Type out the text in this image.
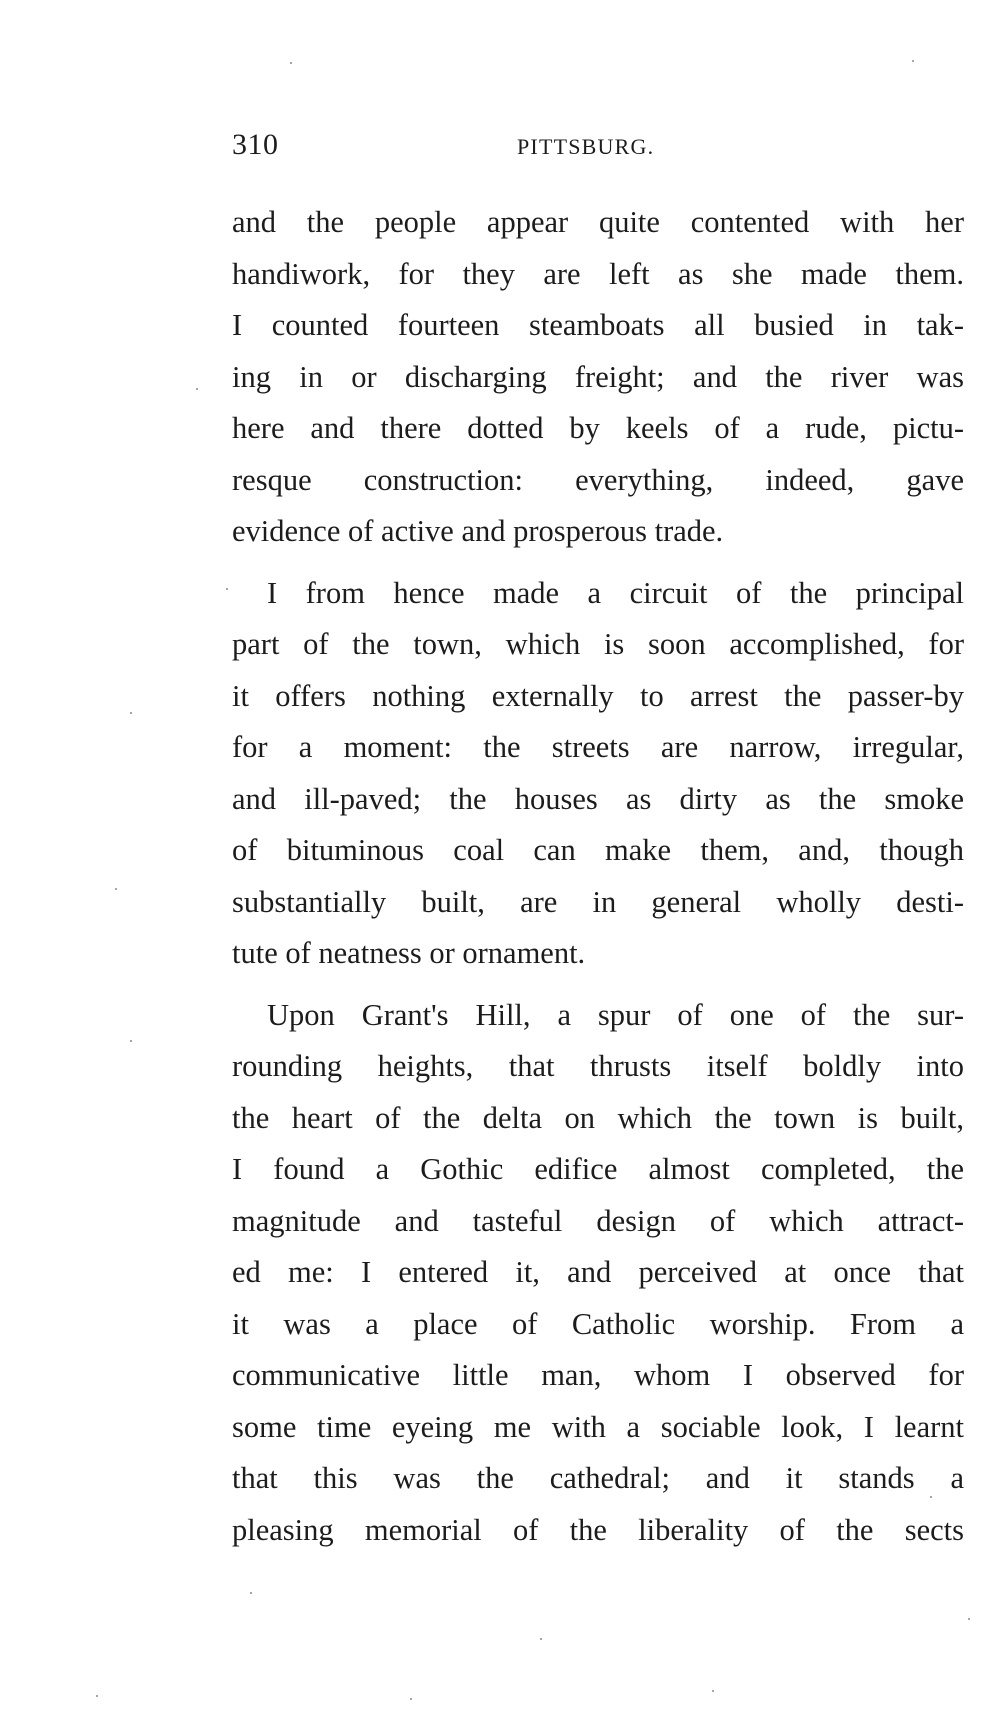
310	PITTSBURG.
and the people appear quite contented with her
handiwork, for they are left as she made them.
I counted fourteen steamboats all busied in tak-
ing in or discharging freight; and the river was
here and there dotted by keels of a rude, pictu-
resque construction: everything, indeed, gave
evidence of active and prosperous trade.
I from hence made a circuit of the principal
part of the town, which is soon accomplished, for
it offers nothing externally to arrest the passer-by
for a moment: the streets are narrow, irregular,
and ill-paved; the houses as dirty as the smoke
of bituminous coal can make them, and, though
substantially built, are in general wholly desti-
tute of neatness or ornament.
Upon Grant's Hill, a spur of one of the sur-
rounding heights, that thrusts itself boldly into
the heart of the delta on which the town is built,
I found a Gothic edifice almost completed, the
magnitude and tasteful design of which attract-
ed me: I entered it, and perceived at once that
it was a place of Catholic worship. From a
communicative little man, whom I observed for
some time eyeing me with a sociable look, I learnt
that this was the cathedral; and it stands a
pleasing memorial of the liberality of the sects
